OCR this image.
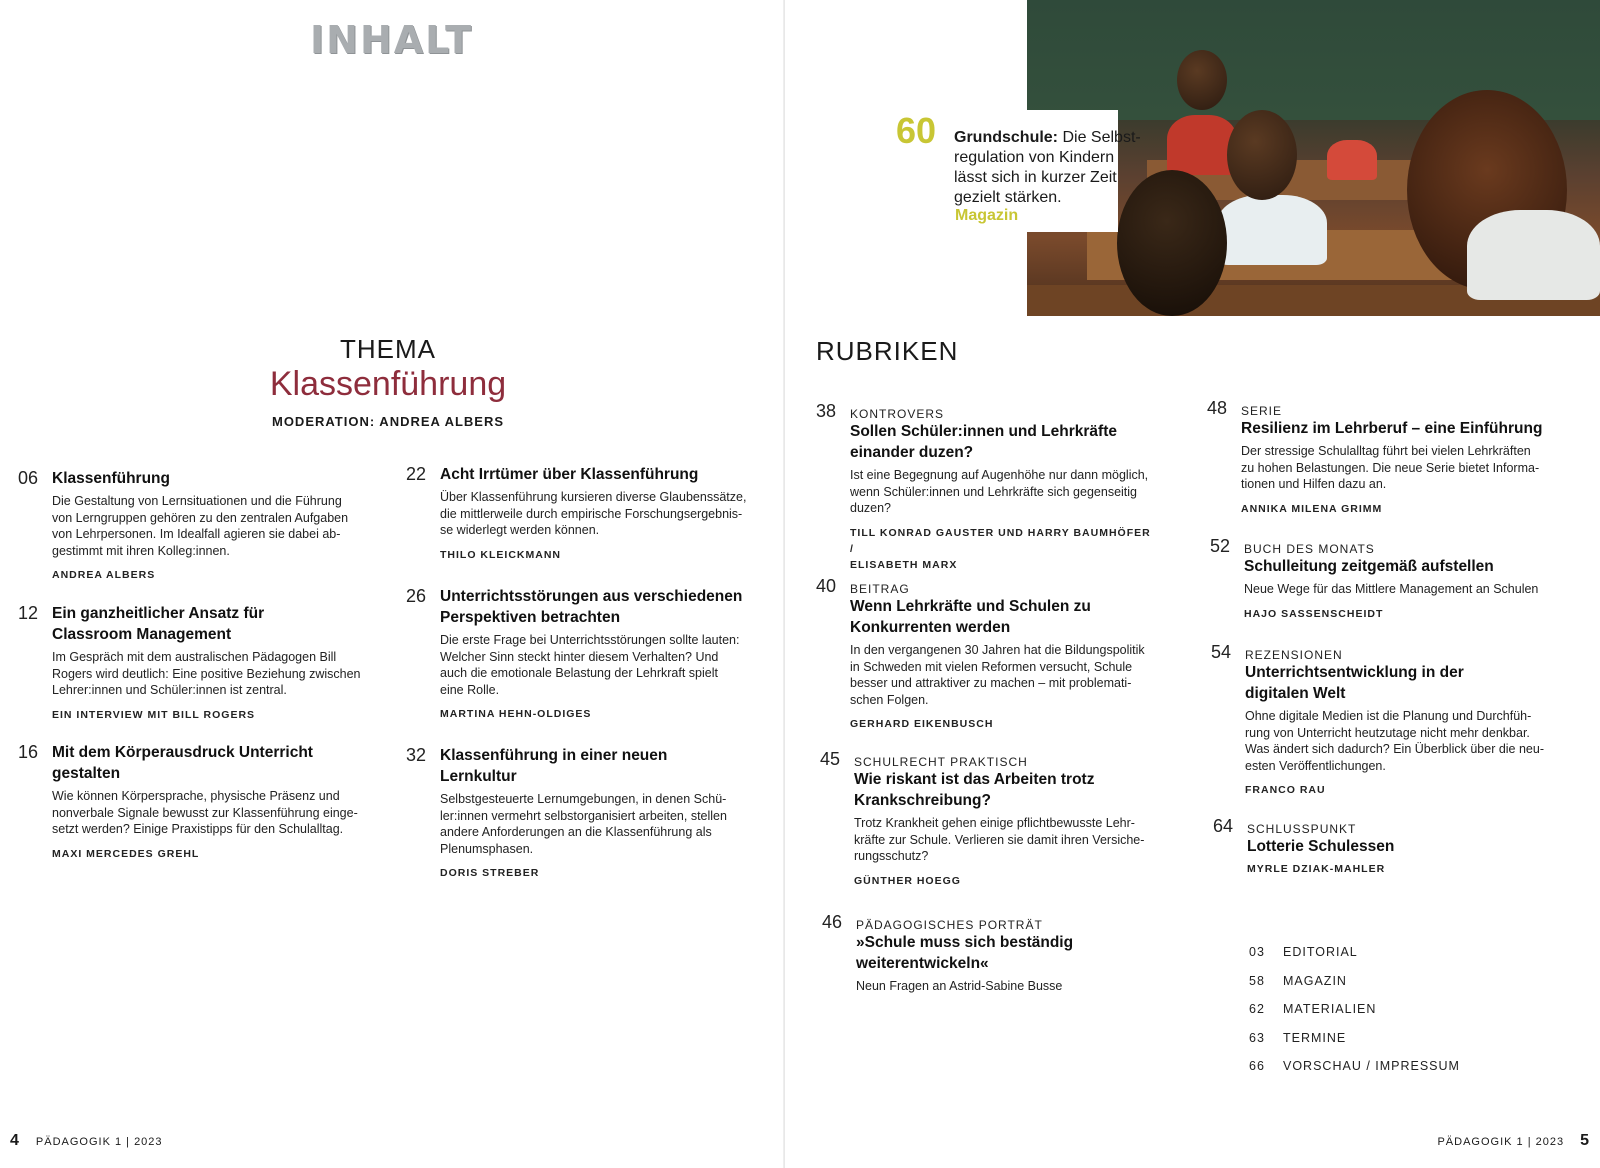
INHALT
60 Grundschule: Die Selbst-
regulation von Kindern
lässt sich in kurzer Zeit
gezielt stärken.
Magazin
THEMA
Klassenführung
MODERATION: ANDREA ALBERS
RUBRIKEN
06 Klassenführung
Die Gestaltung von Lernsituationen und die Führung
von Lerngruppen gehören zu den zentralen Aufgaben
von Lehrpersonen. Im Idealfall agieren sie dabei ab-
gestimmt mit ihren Kolleg:innen.
ANDREA ALBERS
12 Ein ganzheitlicher Ansatz für
Classroom Management
Im Gespräch mit dem australischen Pädagogen Bill
Rogers wird deutlich: Eine positive Beziehung zwischen
Lehrer:innen und Schüler:innen ist zentral.
EIN INTERVIEW MIT BILL ROGERS
16 Mit dem Körperausdruck Unterricht
gestalten
Wie können Körpersprache, physische Präsenz und
nonverbale Signale bewusst zur Klassenführung einge-
setzt werden? Einige Praxistipps für den Schulalltag.
MAXI MERCEDES GREHL
22 Acht Irrtümer über Klassenführung
Über Klassenführung kursieren diverse Glaubenssätze,
die mittlerweile durch empirische Forschungsergebnis-
se widerlegt werden können.
THILO KLEICKMANN
26 Unterrichtsstörungen aus verschiedenen
Perspektiven betrachten
Die erste Frage bei Unterrichtsstörungen sollte lauten:
Welcher Sinn steckt hinter diesem Verhalten? Und
auch die emotionale Belastung der Lehrkraft spielt
eine Rolle.
MARTINA HEHN-OLDIGES
32 Klassenführung in einer neuen
Lernkultur
Selbstgesteuerte Lernumgebungen, in denen Schü-
ler:innen vermehrt selbstorganisiert arbeiten, stellen
andere Anforderungen an die Klassenführung als
Plenumsphasen.
DORIS STREBER
38 KONTROVERS
Sollen Schüler:innen und Lehrkräfte
einander duzen?
Ist eine Begegnung auf Augenhöhe nur dann möglich,
wenn Schüler:innen und Lehrkräfte sich gegenseitig
duzen?
TILL KONRAD GAUSTER UND HARRY BAUMHÖFER /
ELISABETH MARX
40 BEITRAG
Wenn Lehrkräfte und Schulen zu
Konkurrenten werden
In den vergangenen 30 Jahren hat die Bildungspolitik
in Schweden mit vielen Reformen versucht, Schule
besser und attraktiver zu machen – mit problemati-
schen Folgen.
GERHARD EIKENBUSCH
45 SCHULRECHT PRAKTISCH
Wie riskant ist das Arbeiten trotz
Krankschreibung?
Trotz Krankheit gehen einige pflichtbewusste Lehr-
kräfte zur Schule. Verlieren sie damit ihren Versiche-
rungsschutz?
GÜNTHER HOEGG
46 PÄDAGOGISCHES PORTRÄT
»Schule muss sich beständig
weiterentwickeln«
Neun Fragen an Astrid-Sabine Busse
48 SERIE
Resilienz im Lehrberuf – eine Einführung
Der stressige Schulalltag führt bei vielen Lehrkräften
zu hohen Belastungen. Die neue Serie bietet Informa-
tionen und Hilfen dazu an.
ANNIKA MILENA GRIMM
52 BUCH DES MONATS
Schulleitung zeitgemäß aufstellen
Neue Wege für das Mittlere Management an Schulen
HAJO SASSENSCHEIDT
54 REZENSIONEN
Unterrichtsentwicklung in der
digitalen Welt
Ohne digitale Medien ist die Planung und Durchfüh-
rung von Unterricht heutzutage nicht mehr denkbar.
Was ändert sich dadurch? Ein Überblick über die neu-
esten Veröffentlichungen.
FRANCO RAU
64 SCHLUSSPUNKT
Lotterie Schulessen
MYRLE DZIAK-MAHLER
03	EDITORIAL
58	MAGAZIN
62	MATERIALIEN
63	TERMINE
66	VORSCHAU / IMPRESSUM
4 PÄDAGOGIK 1 | 2023	PÄDAGOGIK 1 | 2023 5
